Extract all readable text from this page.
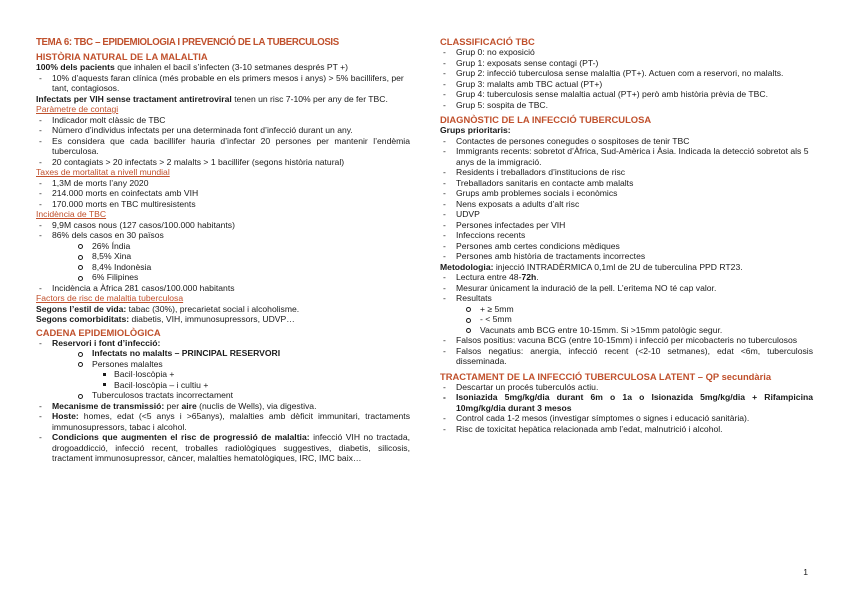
TEMA 6: TBC – EPIDEMIOLOGIA I PREVENCIÓ DE LA TUBERCULOSIS
HISTÒRIA NATURAL DE LA MALALTIA

100% dels pacients que inhalen el bacil s’infecten (3-10 setmanes després PT +)

- 10% d’aquests faran clínica (més probable en els primers mesos i anys) > 5% bacillifers, per tant, contagiosos.

Infectats per VIH sense tractament antiretroviral tenen un risc 7-10% per any de fer TBC.

Paràmetre de contagi
- Indicador molt clàssic de TBC
- Número d’individus infectats per una determinada font d’infecció durant un any.
- Es considera que cada bacillifer hauria d’infectar 20 persones per mantenir l’endèmia tuberculosa.
- 20 contagiats > 20 infectats > 2 malalts > 1 bacillifer (segons història natural)
Taxes de mortalitat a nivell mundial
- 1,3M de morts l’any 2020
- 214.000 morts en coinfectats amb VIH
- 170.000 morts en TBC multiresistents
Incidència de TBC
- 9,9M casos nous (127 casos/100.000 habitants)
- 86% dels casos en 30 països
26% Índia
8,5% Xina
8,4% Indonèsia
6% Filipines
- Incidència a Àfrica 281 casos/100.000 habitants
Factors de risc de malaltia tuberculosa

Segons l’estil de vida: tabac (30%), precarietat social i alcoholisme.

Segons comorbiditats: diabetis, VIH, immunosupressors, UDVP…

CADENA EPIDEMIOLÒGICA
- Reservori i font d’infecció:
Infectats no malalts – PRINCIPAL RESERVORI
Persones malaltes
Bacil·loscòpia +
Bacil·loscòpia – i cultiu +
Tuberculosos tractats incorrectament
- Mecanisme de transmissió: per aire (nuclis de Wells), via digestiva.
- Hoste: homes, edat (<5 anys i >65anys), malalties amb dèficit immunitari, tractaments immunosupressors, tabac i alcohol.
- Condicions que augmenten el risc de progressió de malaltia: infecció VIH no tractada, drogoaddicció, infecció recent, troballes radiològiques suggestives, diabetis, silicosis, tractament immunosupressor, càncer, malalties hematològiques, IRC, IMC baix…
CLASSIFICACIÓ TBC
- Grup 0: no exposició
- Grup 1: exposats sense contagi (PT-)
- Grup 2: infecció tuberculosa sense malaltia (PT+). Actuen com a reservori, no malalts.
- Grup 3: malalts amb TBC actual (PT+)
- Grup 4: tuberculosis sense malaltia actual (PT+) però amb història prèvia de TBC.
- Grup 5: sospita de TBC.
DIAGNÒSTIC DE LA INFECCIÓ TUBERCULOSA

Grups prioritaris:

- Contactes de persones conegudes o sospitoses de tenir TBC
- Immigrants recents: sobretot d’Àfrica, Sud-Amèrica i Àsia. Indicada la detecció sobretot als 5 anys de la immigració.
- Residents i treballadors d’institucions de risc
- Treballadors sanitaris en contacte amb malalts
- Grups amb problemes socials i econòmics
- Nens exposats a adults d’alt risc
- UDVP
- Persones infectades per VIH
- Infeccions recents
- Persones amb certes condicions mèdiques
- Persones amb història de tractaments incorrectes

Metodologia: injecció INTRADÈRMICA 0,1ml de 2U de tuberculina PPD RT23.

- Lectura entre 48-72h.
- Mesurar únicament la induració de la pell. L’eritema NO té cap valor.
- Resultats
+ ≥ 5mm
- < 5mm
Vacunats amb BCG entre 10-15mm. Si >15mm patològic segur.
- Falsos positius: vacuna BCG (entre 10-15mm) i infecció per micobacteris no tuberculosos
- Falsos negatius: anergia, infecció recent (<2-10 setmanes), edat <6m, tuberculosis disseminada.
TRACTAMENT DE LA INFECCIÓ TUBERCULOSA LATENT – QP secundària
- Descartar un procés tuberculós actiu.
- Isoniazida 5mg/kg/dia durant 6m o 1a o Isionazida 5mg/kg/dia + Rifampicina 10mg/kg/dia durant 3 mesos
- Control cada 1-2 mesos (investigar símptomes o signes i educació sanitària).
- Risc de toxicitat hepàtica relacionada amb l’edat, malnutrició i alcohol.
1
